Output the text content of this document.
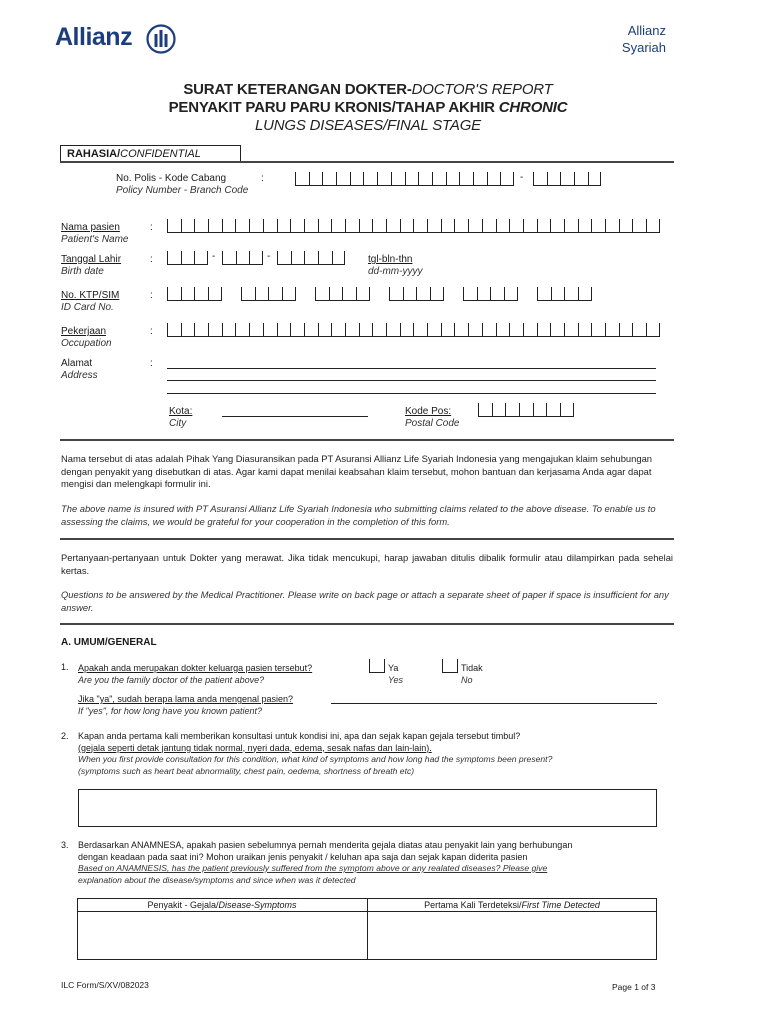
Allianz	Allianz
Syariah
SURAT KETERANGAN DOKTER-DOCTOR'S REPORT
PENYAKIT PARU PARU KRONIS/TAHAP AKHIR CHRONIC
LUNGS DISEASES/FINAL STAGE
RAHASIA/CONFIDENTIAL
No. Polis - Kode Cabang
Policy Number - Branch Code
:	-
Nama pasien
Patient's Name
:
Tanggal Lahir
Birth date
:	-	-	tgl-bln-thn
dd-mm-yyyy
No. KTP/SIM
ID Card No.
:
Pekerjaan
Occupation
:
Alamat
Address
:
Kota:
City
Kode Pos:
Postal Code
Nama tersebut di atas adalah Pihak Yang Diasuransikan pada PT Asuransi Allianz Life Syariah Indonesia yang mengajukan klaim sehubungan dengan penyakit yang disebutkan di atas. Agar kami dapat menilai keabsahan klaim tersebut, mohon bantuan dan kerjasama Anda agar dapat mengisi dan melengkapi formulir ini.
The above name is insured with PT Asuransi Allianz Life Syariah Indonesia who submitting claims related to the above disease. To enable us to assessing the claims, we would be grateful for your cooperation in the completion of this form.
Pertanyaan-pertanyaan untuk Dokter yang merawat. Jika tidak mencukupi, harap jawaban ditulis dibalik formulir atau dilampirkan pada sehelai kertas.
Questions to be answered by the Medical Practitioner. Please write on back page or attach a separate sheet of paper if space is insufficient for any answer.
A. UMUM/GENERAL
1. Apakah anda merupakan dokter keluarga pasien tersebut?
Are you the family doctor of the patient above?
Ya
Yes
Tidak
No
Jika "ya", sudah berapa lama anda mengenal pasien?
If "yes", for how long have you known patient?
2. Kapan anda pertama kali memberikan konsultasi untuk kondisi ini, apa dan sejak kapan gejala tersebut timbul?
(gejala seperti detak jantung tidak normal, nyeri dada, edema, sesak nafas dan lain-lain).
When you first provide consultation for this condition, what kind of symptoms and how long had the symptoms been present?
(symptoms such as heart beat abnormality, chest pain, oedema, shortness of breath etc)
3. Berdasarkan ANAMNESA, apakah pasien sebelumnya pernah menderita gejala diatas atau penyakit lain yang berhubungan
dengan keadaan pada saat ini? Mohon uraikan jenis penyakit / keluhan apa saja dan sejak kapan diderita pasien
Based on ANAMNESIS, has the patient previously suffered from the symptom above or any realated diseases? Please give
explanation about the disease/symptoms and since when was it detected
Penyakit - Gejala/Disease-Symptoms	Pertama Kali Terdeteksi/First Time Detected
ILC Form/S/XV/082023	Page 1 of 3
